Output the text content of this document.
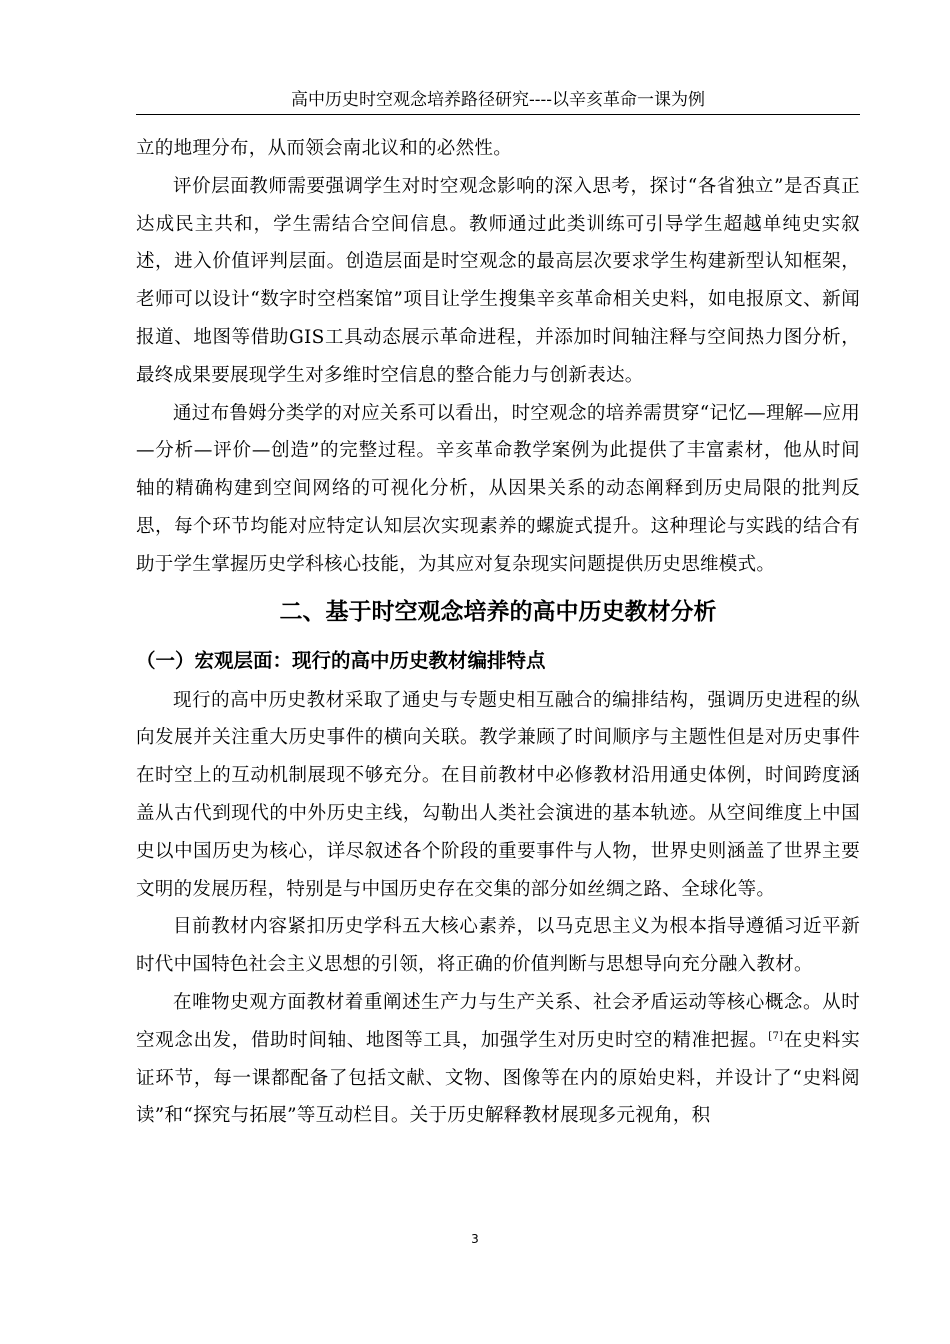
高中历史时空观念培养路径研究----以辛亥革命一课为例

立的地理分布，从而领会南北议和的必然性。

评价层面教师需要强调学生对时空观念影响的深入思考，探讨“各省独立”是否真正达成民主共和，学生需结合空间信息。教师通过此类训练可引导学生超越单纯史实叙述，进入价值评判层面。创造层面是时空观念的最高层次要求学生构建新型认知框架，老师可以设计“数字时空档案馆”项目让学生搜集辛亥革命相关史料，如电报原文、新闻报道、地图等借助GIS工具动态展示革命进程，并添加时间轴注释与空间热力图分析，最终成果要展现学生对多维时空信息的整合能力与创新表达。

通过布鲁姆分类学的对应关系可以看出，时空观念的培养需贯穿“记忆—理解—应用—分析—评价—创造”的完整过程。辛亥革命教学案例为此提供了丰富素材，他从时间轴的精确构建到空间网络的可视化分析，从因果关系的动态阐释到历史局限的批判反思，每个环节均能对应特定认知层次实现素养的螺旋式提升。这种理论与实践的结合有助于学生掌握历史学科核心技能，为其应对复杂现实问题提供历史思维模式。

二、基于时空观念培养的高中历史教材分析
（一）宏观层面：现行的高中历史教材编排特点

现行的高中历史教材采取了通史与专题史相互融合的编排结构，强调历史进程的纵向发展并关注重大历史事件的横向关联。教学兼顾了时间顺序与主题性但是对历史事件在时空上的互动机制展现不够充分。在目前教材中必修教材沿用通史体例，时间跨度涵盖从古代到现代的中外历史主线，勾勒出人类社会演进的基本轨迹。从空间维度上中国史以中国历史为核心，详尽叙述各个阶段的重要事件与人物，世界史则涵盖了世界主要文明的发展历程，特别是与中国历史存在交集的部分如丝绸之路、全球化等。

目前教材内容紧扣历史学科五大核心素养，以马克思主义为根本指导遵循习近平新时代中国特色社会主义思想的引领，将正确的价值判断与思想导向充分融入教材。

在唯物史观方面教材着重阐述生产力与生产关系、社会矛盾运动等核心概念。从时空观念出发，借助时间轴、地图等工具，加强学生对历史时空的精准把握。[7]在史料实证环节，每一课都配备了包括文献、文物、图像等在内的原始史料，并设计了“史料阅读”和“探究与拓展”等互动栏目。关于历史解释教材展现多元视角，积

3
